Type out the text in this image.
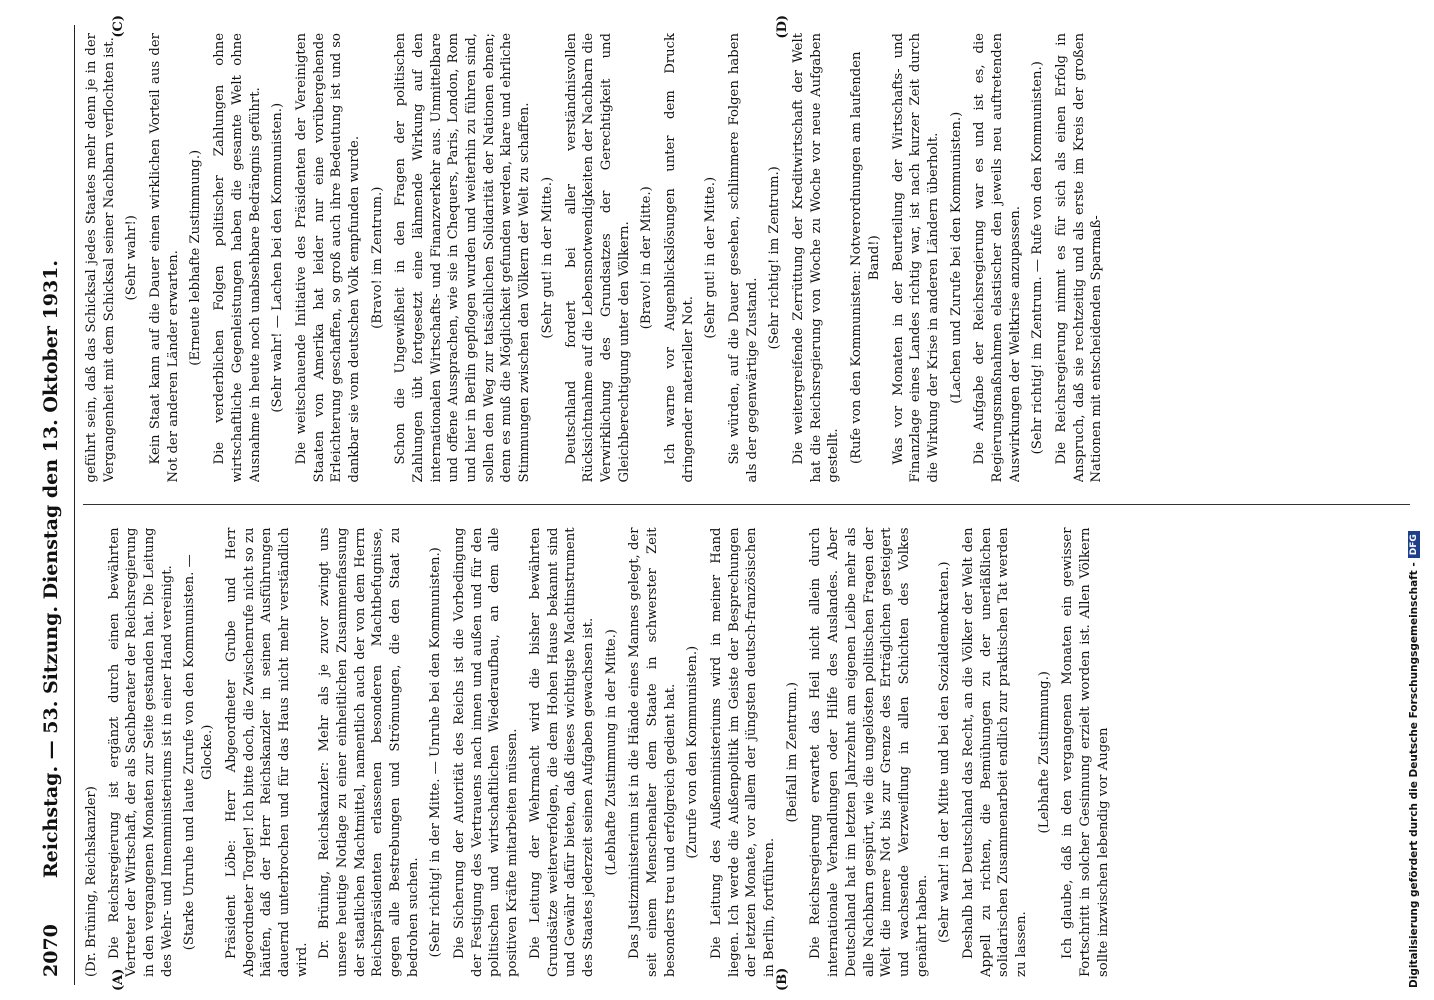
2070
Reichstag. — 53. Sitzung. Dienstag den 13. Oktober 1931.
(A)	(B)
(C)	(D)

(Dr. Brüning, Reichskanzler) Die Reichsregierung ist ergänzt durch einen bewährten Vertreter der Wirtschaft, der als Sachberater der Reichsregierung in den vergangenen Monaten zur Seite gestanden hat. Die Leitung des Wehr- und Innenministeriums ist in einer Hand vereinigt. (Starke Unruhe und laute Zurufe von den Kommunisten. — Glocke.) Präsident Löbe: Herr Abgeordneter Grube und Herr Abgeordneter Torgler! Ich bitte doch, die Zwischenrufe nicht so zu häufen, daß der Herr Reichskanzler in seinen Ausführungen dauernd unterbrochen und für das Haus nicht mehr verständlich wird.

Dr. Brüning, Reichskanzler: Mehr als je zuvor zwingt uns unsere heutige Notlage zu einer einheitlichen Zusammenfassung der staatlichen Machtmittel, namentlich auch der von dem Herrn Reichspräsidenten erlassenen besonderen Machtbefugnisse, gegen alle Bestrebungen und Strömungen, die den Staat zu bedrohen suchen. (Sehr richtig! in der Mitte. — Unruhe bei den Kommunisten.) Die Sicherung der Autorität des Reichs ist die Vorbedingung der Festigung des Vertrauens nach innen und außen und für den politischen und wirtschaftlichen Wiederaufbau, an dem alle positiven Kräfte mitarbeiten müssen. Die Leitung der Wehrmacht wird die bisher bewährten Grundsätze weiterverfolgen, die dem Hohen Hause bekannt sind und Gewähr dafür bieten, daß dieses wichtigste Machtinstrument des Staates jederzeit seinen Aufgaben gewachsen ist. (Lebhafte Zustimmung in der Mitte.) Das Justizministerium ist in die Hände eines Mannes gelegt, der seit einem Menschenalter dem Staate in schwerster Zeit besonders treu und erfolgreich gedient hat. (Zurufe von den Kommunisten.) Die Leitung des Außenministeriums wird in meiner Hand liegen. Ich werde die Außenpolitik im Geiste der Besprechungen der letzten Monate, vor allem der jüngsten deutsch-französischen in Berlin, fortführen.

(Beifall im Zentrum.) Die Reichsregierung erwartet das Heil nicht allein durch internationale Verhandlungen oder Hilfe des Auslandes. Aber Deutschland hat im letzten Jahrzehnt am eigenen Leibe mehr als alle Nachbarn gespürt, wie die ungelösten politischen Fragen der Welt die innere Not bis zur Grenze des Erträglichen gesteigert und wachsende Verzweiflung in allen Schichten des Volkes genährt haben. (Sehr wahr! in der Mitte und bei den Sozialdemokraten.) Deshalb hat Deutschland das Recht, an die Völker der Welt den Appell zu richten, die Bemühungen zu der unerläßlichen solidarischen Zusammenarbeit endlich zur praktischen Tat werden zu lassen.

(Lebhafte Zustimmung.) Ich glaube, daß in den vergangenen Monaten ein gewisser Fortschritt in solcher Gesinnung erzielt worden ist. Allen Völkern sollte inzwischen lebendig vor Augen

geführt sein, daß das Schicksal jedes Staates mehr denn je in der Vergangenheit mit dem Schicksal seiner Nachbarn verflochten ist. (Sehr wahr!) Kein Staat kann auf die Dauer einen wirklichen Vorteil aus der Not der anderen Länder erwarten. (Erneute lebhafte Zustimmung.) Die verderblichen Folgen politischer Zahlungen ohne wirtschaftliche Gegenleistungen haben die gesamte Welt ohne Ausnahme in heute noch unabsehbare Bedrängnis geführt. (Sehr wahr! — Lachen bei den Kommunisten.) Die weitschauende Initiative des Präsidenten der Vereinigten Staaten von Amerika hat leider nur eine vorübergehende Erleichterung geschaffen, so groß auch ihre Bedeutung ist und so dankbar sie vom deutschen Volk empfunden wurde. (Bravo! im Zentrum.) Schon die Ungewißheit in den Fragen der politischen Zahlungen übt fortgesetzt eine lähmende Wirkung auf den internationalen Wirtschafts- und Finanzverkehr aus. Unmittelbare und offene Aussprachen, wie sie in Chequers, Paris, London, Rom und hier in Berlin gepflogen wurden und weiterhin zu führen sind, sollen den Weg zur tatsächlichen Solidarität der Nationen ebnen; denn es muß die Möglichkeit gefunden werden, klare und ehrliche Stimmungen zwischen den Völkern der Welt zu schaffen. (Sehr gut! in der Mitte.) Deutschland fordert bei aller verständnisvollen Rücksichtnahme auf die Lebensnotwendigkeiten der Nachbarn die Verwirklichung des Grundsatzes der Gerechtigkeit und Gleichberechtigung unter den Völkern. (Bravo! in der Mitte.) Ich warne vor Augenblickslösungen unter dem Druck dringender materieller Not.

(Sehr gut! in der Mitte.) Sie würden, auf die Dauer gesehen, schlimmere Folgen haben als der gegenwärtige Zustand.

(Sehr richtig! im Zentrum.) Die weitergreifende Zerrüttung der Kreditwirtschaft der Welt hat die Reichsregierung von Woche zu Woche vor neue Aufgaben gestellt. (Rufe von den Kommunisten: Notverordnungen am laufenden Band!) Was vor Monaten in der Beurteilung der Wirtschafts- und Finanzlage eines Landes richtig war, ist nach kurzer Zeit durch die Wirkung der Krise in anderen Ländern überholt. (Lachen und Zurufe bei den Kommunisten.) Die Aufgabe der Reichsregierung war es und ist es, die Regierungsmaßnahmen elastischer den jeweils neu auftretenden Auswirkungen der Weltkrise anzupassen. (Sehr richtig! im Zentrum. — Rufe von den Kommunisten.) Die Reichsregierung nimmt es für sich als einen Erfolg in Anspruch, daß sie rechtzeitig und als erste im Kreis der großen Nationen mit entscheidenden Sparmaß-

Digitalisierung gefördert durch die Deutsche Forschungsgemeinschaft -
DFG
